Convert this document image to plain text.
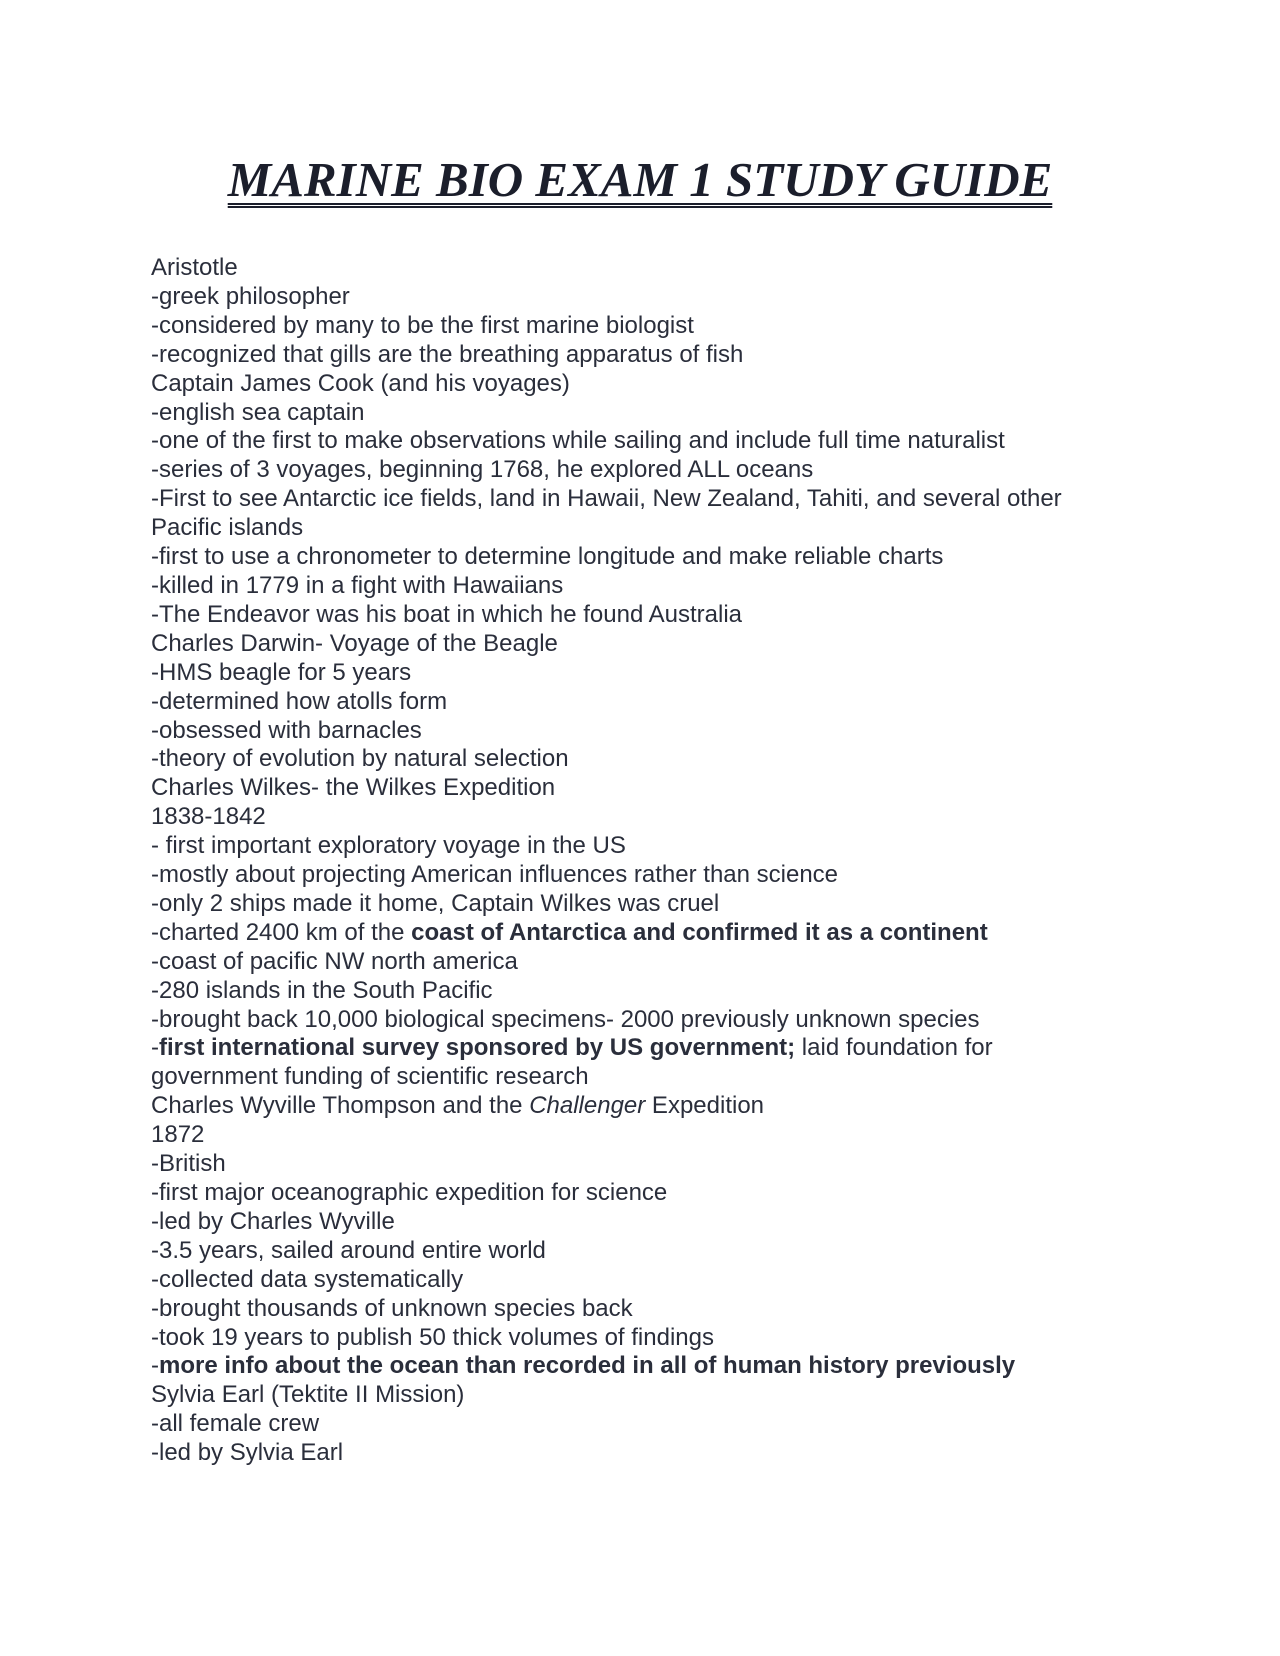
MARINE BIO EXAM 1 STUDY GUIDE
Aristotle
-greek philosopher
-considered by many to be the first marine biologist
-recognized that gills are the breathing apparatus of fish
Captain James Cook (and his voyages)
-english sea captain
-one of the first to make observations while sailing and include full time naturalist
-series of 3 voyages, beginning 1768, he explored ALL oceans
-First to see Antarctic ice fields, land in Hawaii, New Zealand, Tahiti, and several other
Pacific islands
-first to use a chronometer to determine longitude and make reliable charts
-killed in 1779 in a fight with Hawaiians
-The Endeavor was his boat in which he found Australia
Charles Darwin- Voyage of the Beagle
-HMS beagle for 5 years
-determined how atolls form
-obsessed with barnacles
-theory of evolution by natural selection
Charles Wilkes- the Wilkes Expedition
1838-1842
- first important exploratory voyage in the US
-mostly about projecting American influences rather than science
-only 2 ships made it home, Captain Wilkes was cruel
-charted 2400 km of the coast of Antarctica and confirmed it as a continent
-coast of pacific NW north america
-280 islands in the South Pacific
-brought back 10,000 biological specimens- 2000 previously unknown species
-first international survey sponsored by US government; laid foundation for
government funding of scientific research
Charles Wyville Thompson and the Challenger Expedition
1872
-British
-first major oceanographic expedition for science
-led by Charles Wyville
-3.5 years, sailed around entire world
-collected data systematically
-brought thousands of unknown species back
-took 19 years to publish 50 thick volumes of findings
-more info about the ocean than recorded in all of human history previously
Sylvia Earl (Tektite II Mission)
-all female crew
-led by Sylvia Earl
